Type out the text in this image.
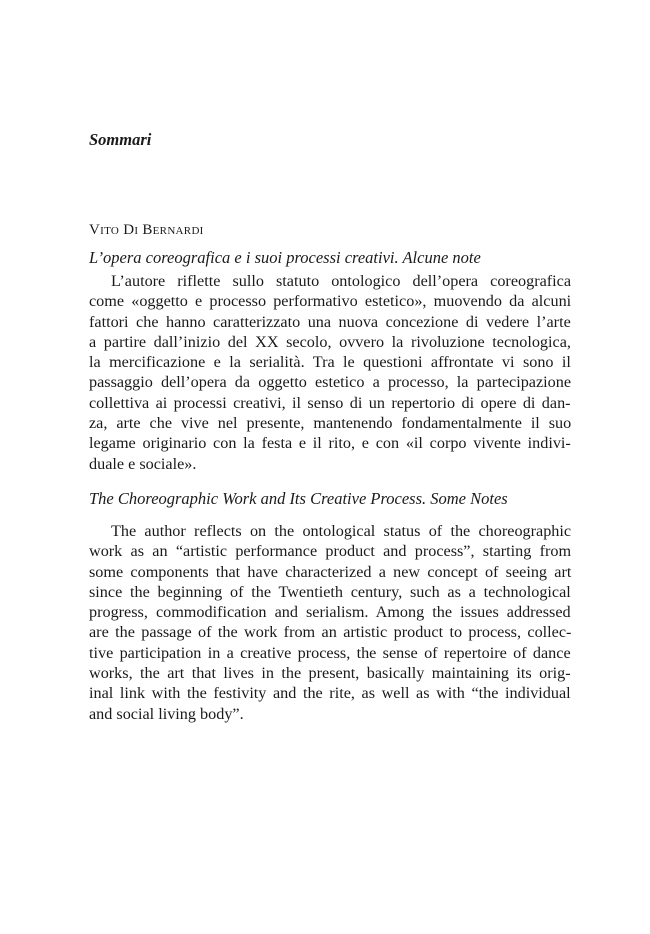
Sommari
Vito Di Bernardi
L’opera coreografica e i suoi processi creativi. Alcune note
L’autore riflette sullo statuto ontologico dell’opera coreografica
come «oggetto e processo performativo estetico», muovendo da alcuni
fattori che hanno caratterizzato una nuova concezione di vedere l’arte
a partire dall’inizio del XX secolo, ovvero la rivoluzione tecnologica,
la mercificazione e la serialità. Tra le questioni affrontate vi sono il
passaggio dell’opera da oggetto estetico a processo, la partecipazione
collettiva ai processi creativi, il senso di un repertorio di opere di dan-
za, arte che vive nel presente, mantenendo fondamentalmente il suo
legame originario con la festa e il rito, e con «il corpo vivente indivi-
duale e sociale».
The Choreographic Work and Its Creative Process. Some Notes
The author reflects on the ontological status of the choreographic
work as an “artistic performance product and process”, starting from
some components that have characterized a new concept of seeing art
since the beginning of the Twentieth century, such as a technological
progress, commodification and serialism. Among the issues addressed
are the passage of the work from an artistic product to process, collec-
tive participation in a creative process, the sense of repertoire of dance
works, the art that lives in the present, basically maintaining its orig-
inal link with the festivity and the rite, as well as with “the individual
and social living body”.
